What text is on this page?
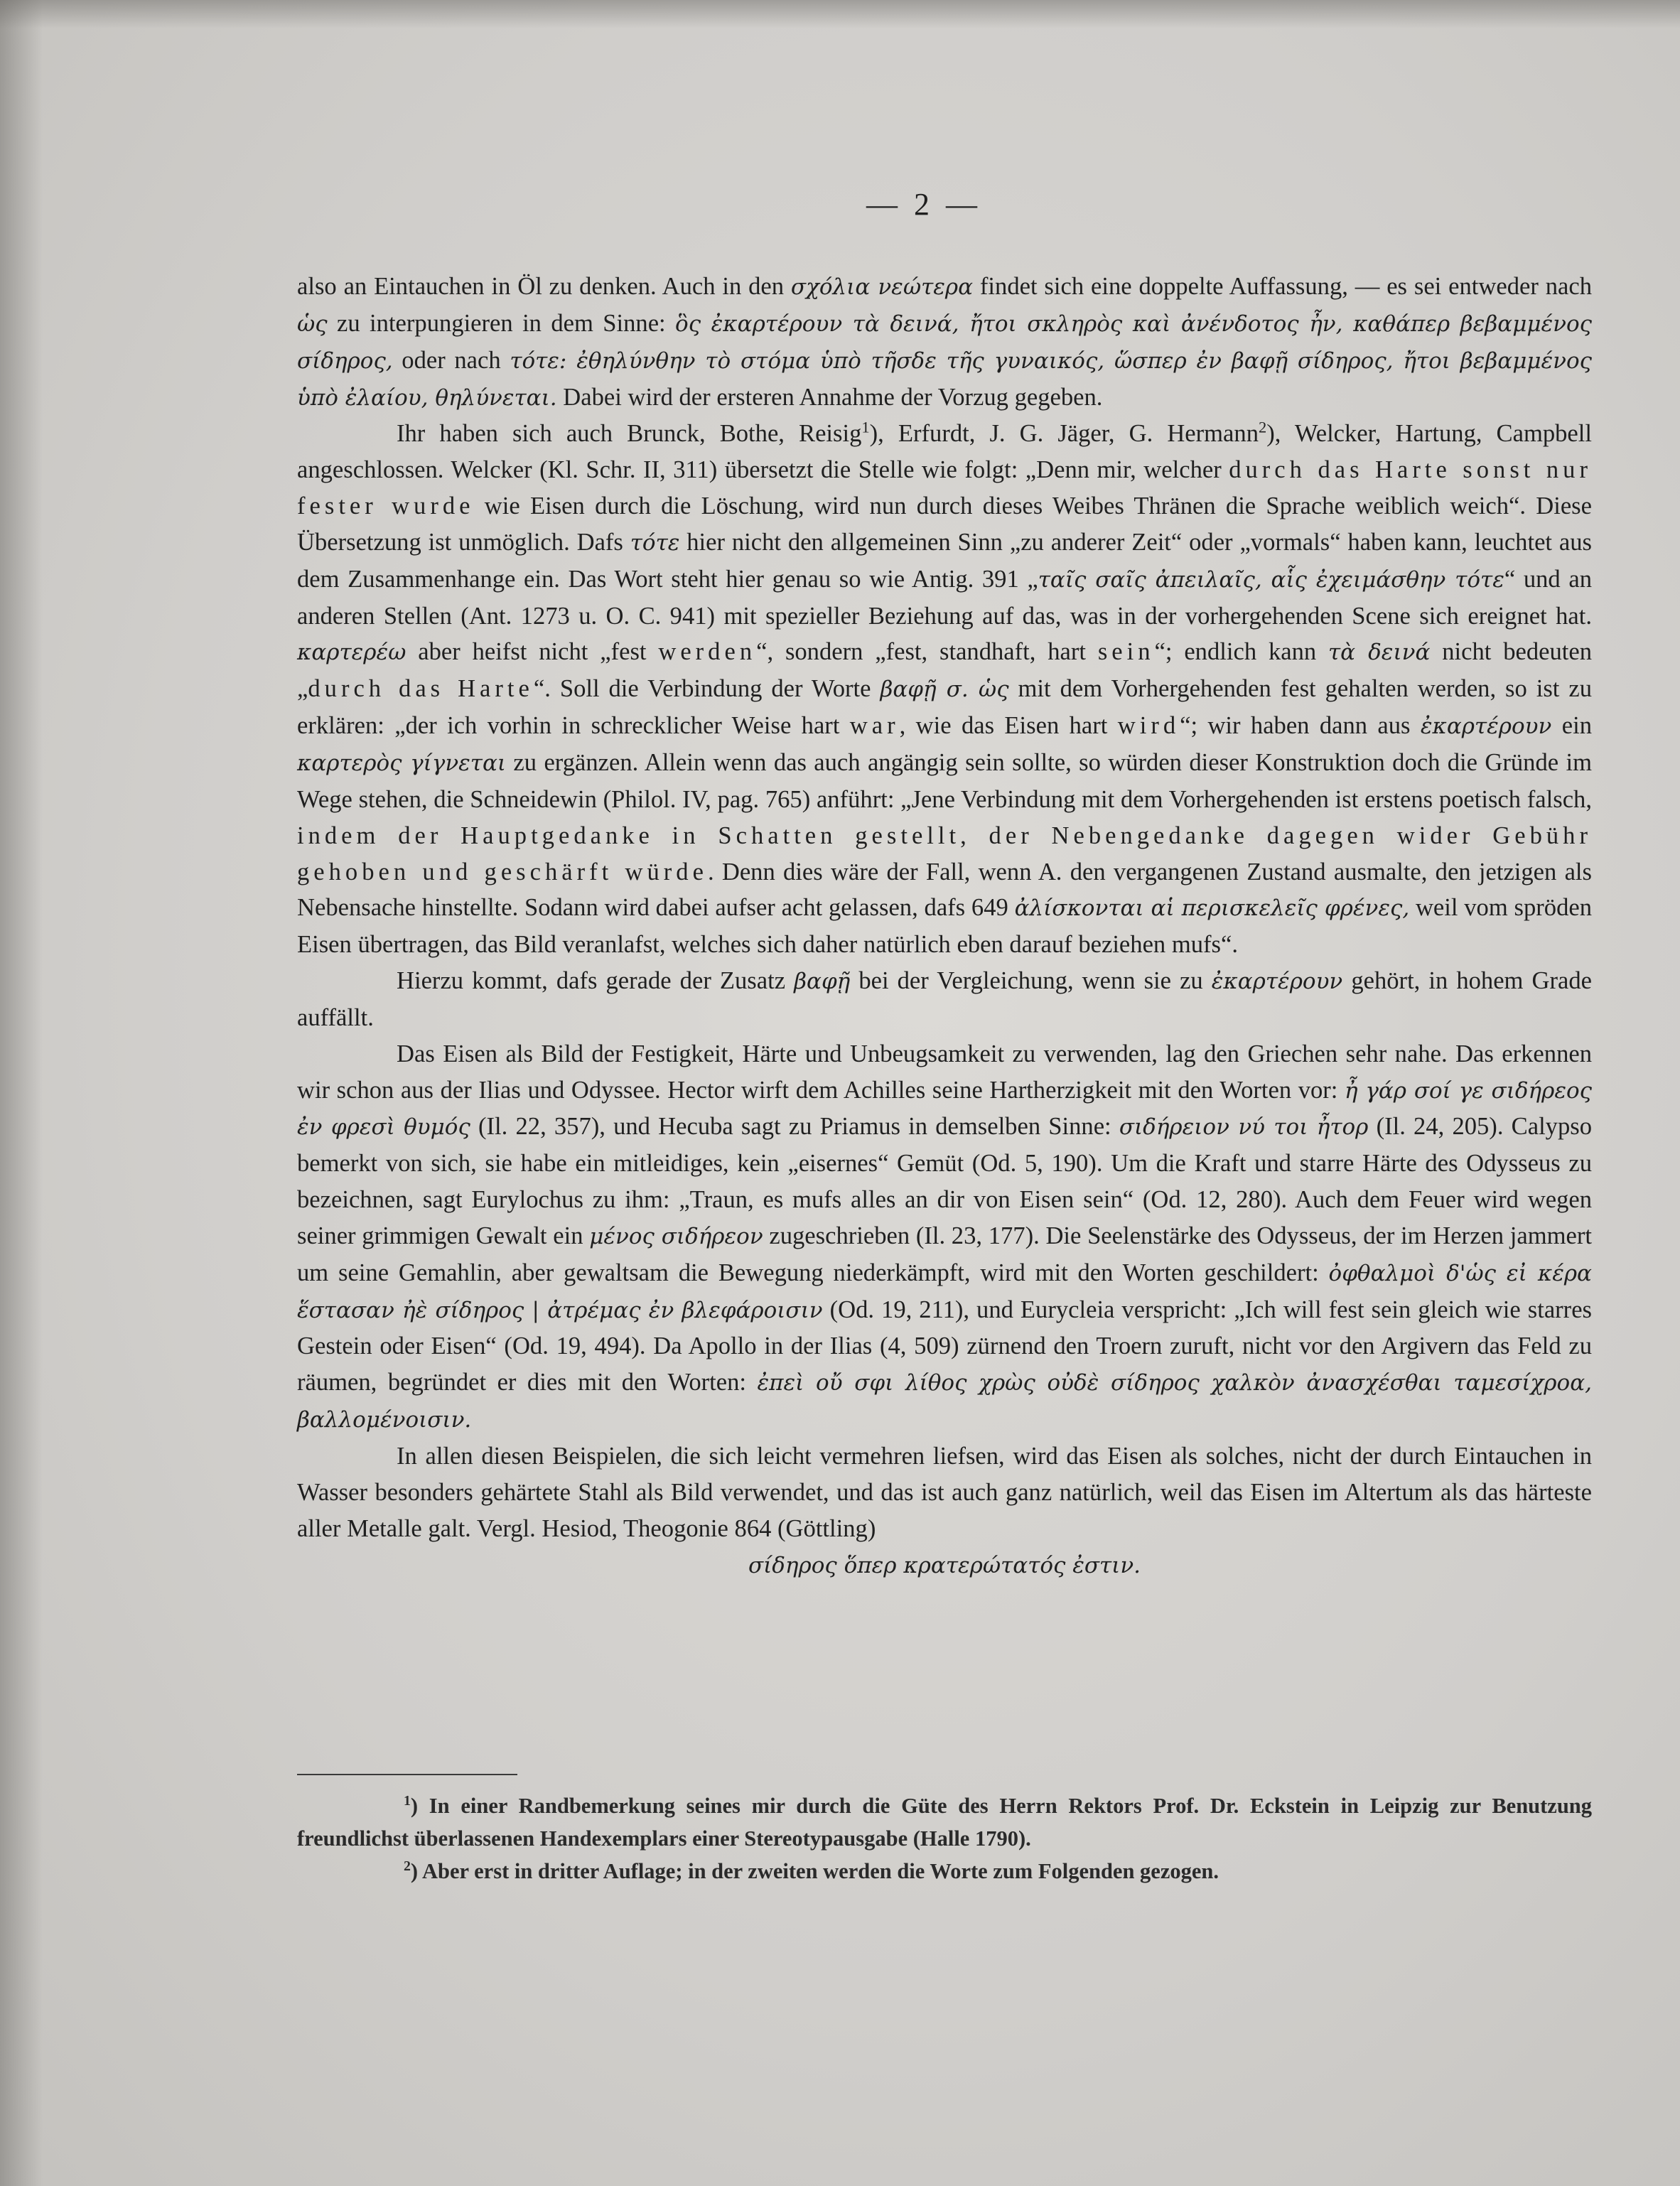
— 2 —

also an Eintauchen in Öl zu denken. Auch in den σχόλια νεώτερα findet sich eine doppelte Auffassung, — es sei entweder nach ὡς zu interpungieren in dem Sinne: ὃς ἐκαρτέρουν τὰ δεινά, ἤτοι σκληρὸς καὶ ἀνένδοτος ἦν, καθάπερ βεβαμμένος σίδηρος, oder nach τότε: ἐθηλύνθην τὸ στόμα ὑπὸ τῆσδε τῆς γυναικός, ὥσπερ ἐν βαφῇ σίδηρος, ἤτοι βεβαμμένος ὑπὸ ἐλαίου, θηλύνεται. Dabei wird der ersteren Annahme der Vorzug gegeben.

Ihr haben sich auch Brunck, Bothe, Reisig$^1$), Erfurdt, J. G. Jäger, G. Hermann$^2$), Welcker, Hartung, Campbell angeschlossen. Welcker (Kl. Schr. II, 311) übersetzt die Stelle wie folgt: „Denn mir, welcher durch das Harte sonst nur fester wurde wie Eisen durch die Löschung, wird nun durch dieses Weibes Thränen die Sprache weiblich weich“. Diese Übersetzung ist unmöglich. Dafs τότε hier nicht den allgemeinen Sinn „zu anderer Zeit“ oder „vormals“ haben kann, leuchtet aus dem Zusammenhange ein. Das Wort steht hier genau so wie Antig. 391 „ταῖς σαῖς ἀπειλαῖς, αἷς ἐχειμάσθην τότε“ und an anderen Stellen (Ant. 1273 u. O. C. 941) mit spezieller Beziehung auf das, was in der vorhergehenden Scene sich ereignet hat. καρτερέω aber heifst nicht „fest werden“, sondern „fest, standhaft, hart sein“; endlich kann τὰ δεινά nicht bedeuten „durch das Harte“. Soll die Verbindung der Worte βαφῇ σ. ὡς mit dem Vorhergehenden fest gehalten werden, so ist zu erklären: „der ich vorhin in schrecklicher Weise hart war, wie das Eisen hart wird“; wir haben dann aus ἐκαρτέρουν ein καρτερὸς γίγνεται zu ergänzen. Allein wenn das auch angängig sein sollte, so würden dieser Konstruktion doch die Gründe im Wege stehen, die Schneidewin (Philol. IV, pag. 765) anführt: „Jene Verbindung mit dem Vorhergehenden ist erstens poetisch falsch, indem der Hauptgedanke in Schatten gestellt, der Nebengedanke dagegen wider Gebühr gehoben und geschärft würde. Denn dies wäre der Fall, wenn A. den vergangenen Zustand ausmalte, den jetzigen als Nebensache hinstellte. Sodann wird dabei aufser acht gelassen, dafs 649 ἀλίσκονται αἱ περισκελεῖς φρένες, weil vom spröden Eisen übertragen, das Bild veranlafst, welches sich daher natürlich eben darauf beziehen mufs“.

Hierzu kommt, dafs gerade der Zusatz βαφῇ bei der Vergleichung, wenn sie zu ἐκαρτέρουν gehört, in hohem Grade auffällt.

Das Eisen als Bild der Festigkeit, Härte und Unbeugsamkeit zu verwenden, lag den Griechen sehr nahe. Das erkennen wir schon aus der Ilias und Odyssee. Hector wirft dem Achilles seine Hartherzigkeit mit den Worten vor: ἦ γάρ σοί γε σιδήρεος ἐν φρεσὶ θυμός (Il. 22, 357), und Hecuba sagt zu Priamus in demselben Sinne: σιδήρειον νύ τοι ἦτορ (Il. 24, 205). Calypso bemerkt von sich, sie habe ein mitleidiges, kein „eisernes“ Gemüt (Od. 5, 190). Um die Kraft und starre Härte des Odysseus zu bezeichnen, sagt Eurylochus zu ihm: „Traun, es mufs alles an dir von Eisen sein“ (Od. 12, 280). Auch dem Feuer wird wegen seiner grimmigen Gewalt ein μένος σιδήρεον zugeschrieben (Il. 23, 177). Die Seelenstärke des Odysseus, der im Herzen jammert um seine Gemahlin, aber gewaltsam die Bewegung niederkämpft, wird mit den Worten geschildert: ὀφθαλμοὶ δ'ὡς εἰ κέρα ἕστασαν ἠὲ σίδηρος | ἀτρέμας ἐν βλεφάροισιν (Od. 19, 211), und Eurycleia verspricht: „Ich will fest sein gleich wie starres Gestein oder Eisen“ (Od. 19, 494). Da Apollo in der Ilias (4, 509) zürnend den Troern zuruft, nicht vor den Argivern das Feld zu räumen, begründet er dies mit den Worten: ἐπεὶ οὔ σφι λίθος χρὼς οὐδὲ σίδηρος χαλκὸν ἀνασχέσθαι ταμεσίχροα, βαλλομένοισιν.

In allen diesen Beispielen, die sich leicht vermehren liefsen, wird das Eisen als solches, nicht der durch Eintauchen in Wasser besonders gehärtete Stahl als Bild verwendet, und das ist auch ganz natürlich, weil das Eisen im Altertum als das härteste aller Metalle galt. Vergl. Hesiod, Theogonie 864 (Göttling)

σίδηρος ὅπερ κρατερώτατός ἐστιν.

$^1$) In einer Randbemerkung seines mir durch die Güte des Herrn Rektors Prof. Dr. Eckstein in Leipzig zur Benutzung freundlichst überlassenen Handexemplars einer Stereotypausgabe (Halle 1790).

$^2$) Aber erst in dritter Auflage; in der zweiten werden die Worte zum Folgenden gezogen.
